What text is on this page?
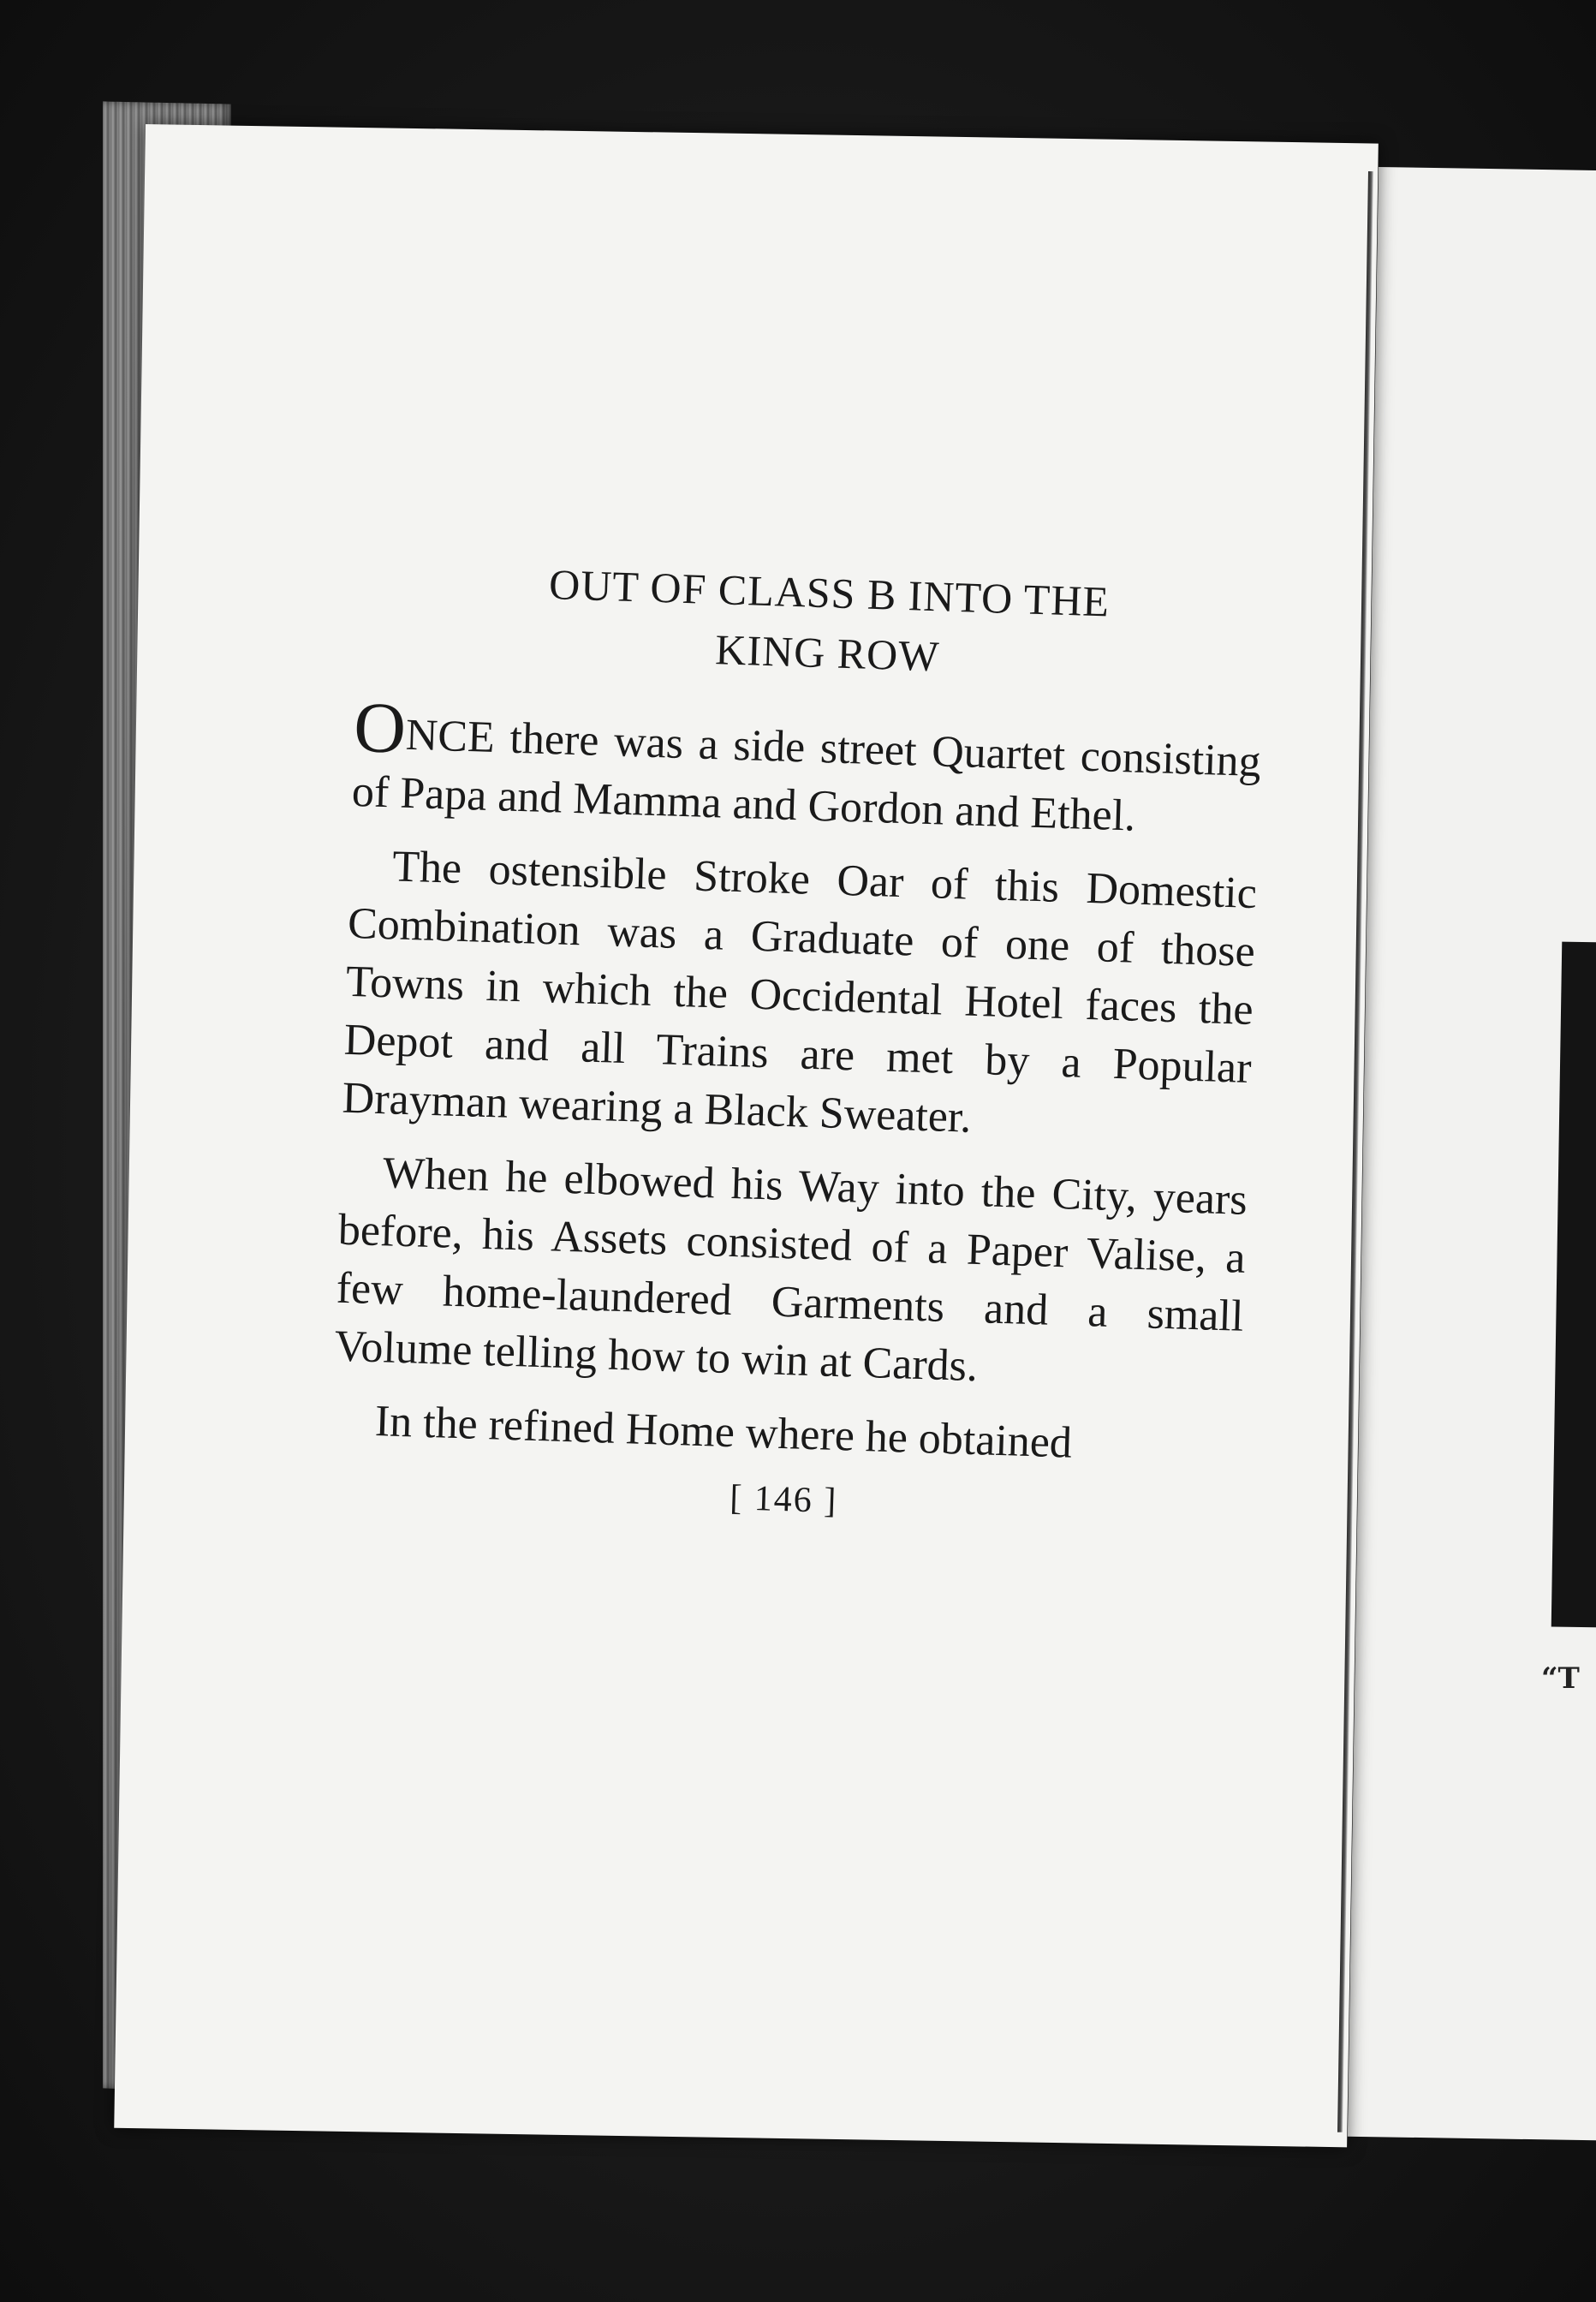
“T
OUT OF CLASS B INTO THE
KING ROW

ONCE there was a side street Quartet consisting of Papa and Mamma and Gordon and Ethel.

The ostensible Stroke Oar of this Domestic Combination was a Graduate of one of those Towns in which the Occidental Hotel faces the Depot and all Trains are met by a Popular Drayman wearing a Black Sweater.

When he elbowed his Way into the City, years before, his Assets consisted of a Paper Valise, a few home-laundered Garments and a small Volume telling how to win at Cards.

In the refined Home where he obtained

[ 146 ]
